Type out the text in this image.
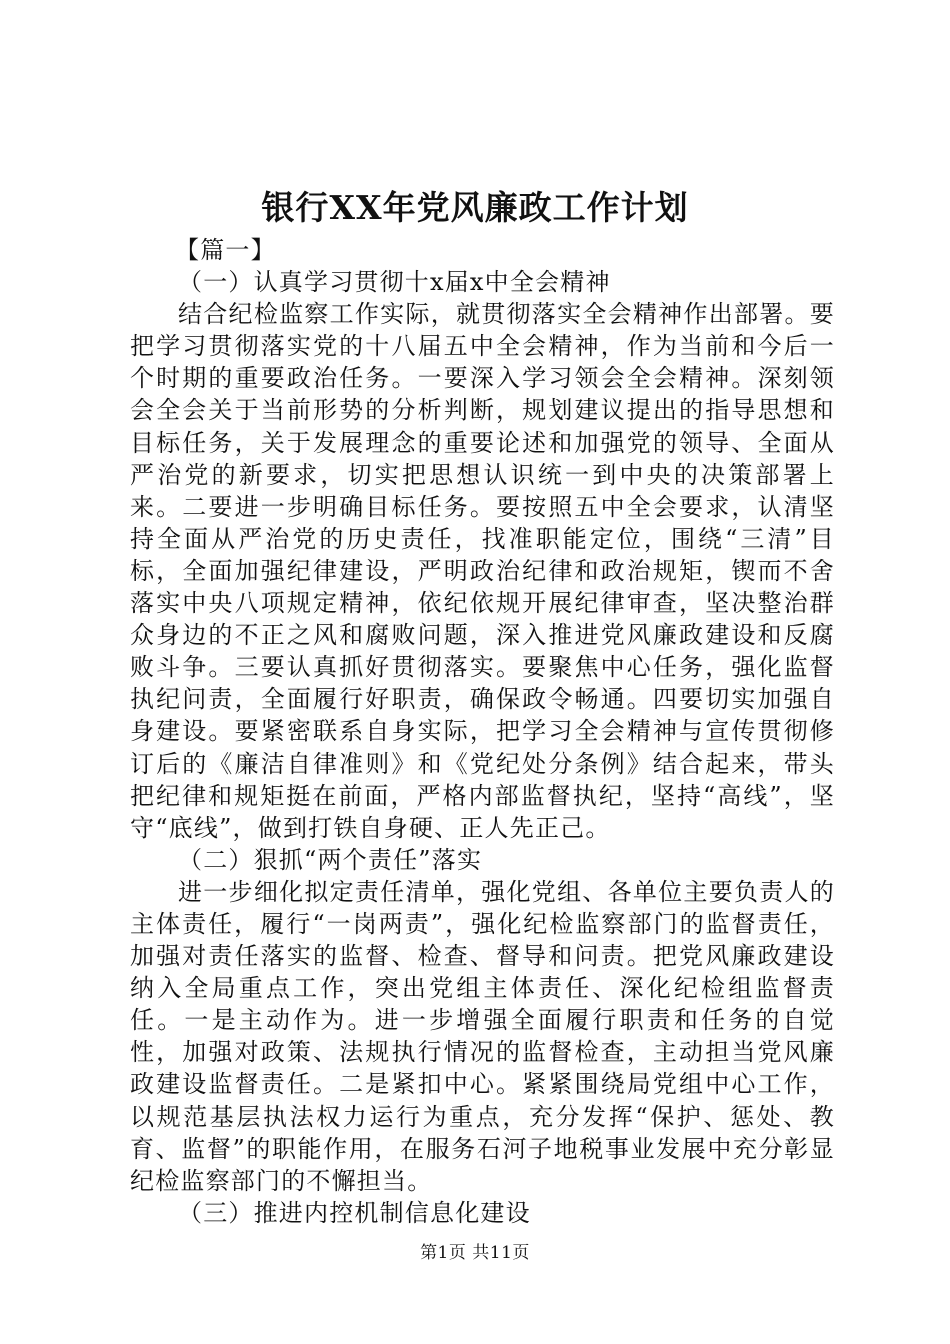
银行XX年党风廉政工作计划

【篇一】

（一）认真学习贯彻十x届x中全会精神

结合纪检监察工作实际，就贯彻落实全会精神作出部署。要把学习贯彻落实党的十八届五中全会精神，作为当前和今后一个时期的重要政治任务。一要深入学习领会全会精神。深刻领会全会关于当前形势的分析判断，规划建议提出的指导思想和目标任务，关于发展理念的重要论述和加强党的领导、全面从严治党的新要求，切实把思想认识统一到中央的决策部署上来。二要进一步明确目标任务。要按照五中全会要求，认清坚持全面从严治党的历史责任，找准职能定位，围绕“三清”目标，全面加强纪律建设，严明政治纪律和政治规矩，锲而不舍落实中央八项规定精神，依纪依规开展纪律审查，坚决整治群众身边的不正之风和腐败问题，深入推进党风廉政建设和反腐败斗争。三要认真抓好贯彻落实。要聚焦中心任务，强化监督执纪问责，全面履行好职责，确保政令畅通。四要切实加强自身建设。要紧密联系自身实际，把学习全会精神与宣传贯彻修订后的《廉洁自律准则》和《党纪处分条例》结合起来，带头把纪律和规矩挺在前面，严格内部监督执纪，坚持“高线”，坚守“底线”，做到打铁自身硬、正人先正己。

（二）狠抓“两个责任”落实

进一步细化拟定责任清单，强化党组、各单位主要负责人的主体责任，履行“一岗两责”，强化纪检监察部门的监督责任，加强对责任落实的监督、检查、督导和问责。把党风廉政建设纳入全局重点工作，突出党组主体责任、深化纪检组监督责任。一是主动作为。进一步增强全面履行职责和任务的自觉性，加强对政策、法规执行情况的监督检查，主动担当党风廉政建设监督责任。二是紧扣中心。紧紧围绕局党组中心工作，以规范基层执法权力运行为重点，充分发挥“保护、惩处、教育、监督”的职能作用，在服务石河子地税事业发展中充分彰显纪检监察部门的不懈担当。

（三）推进内控机制信息化建设

第1页 共11页
